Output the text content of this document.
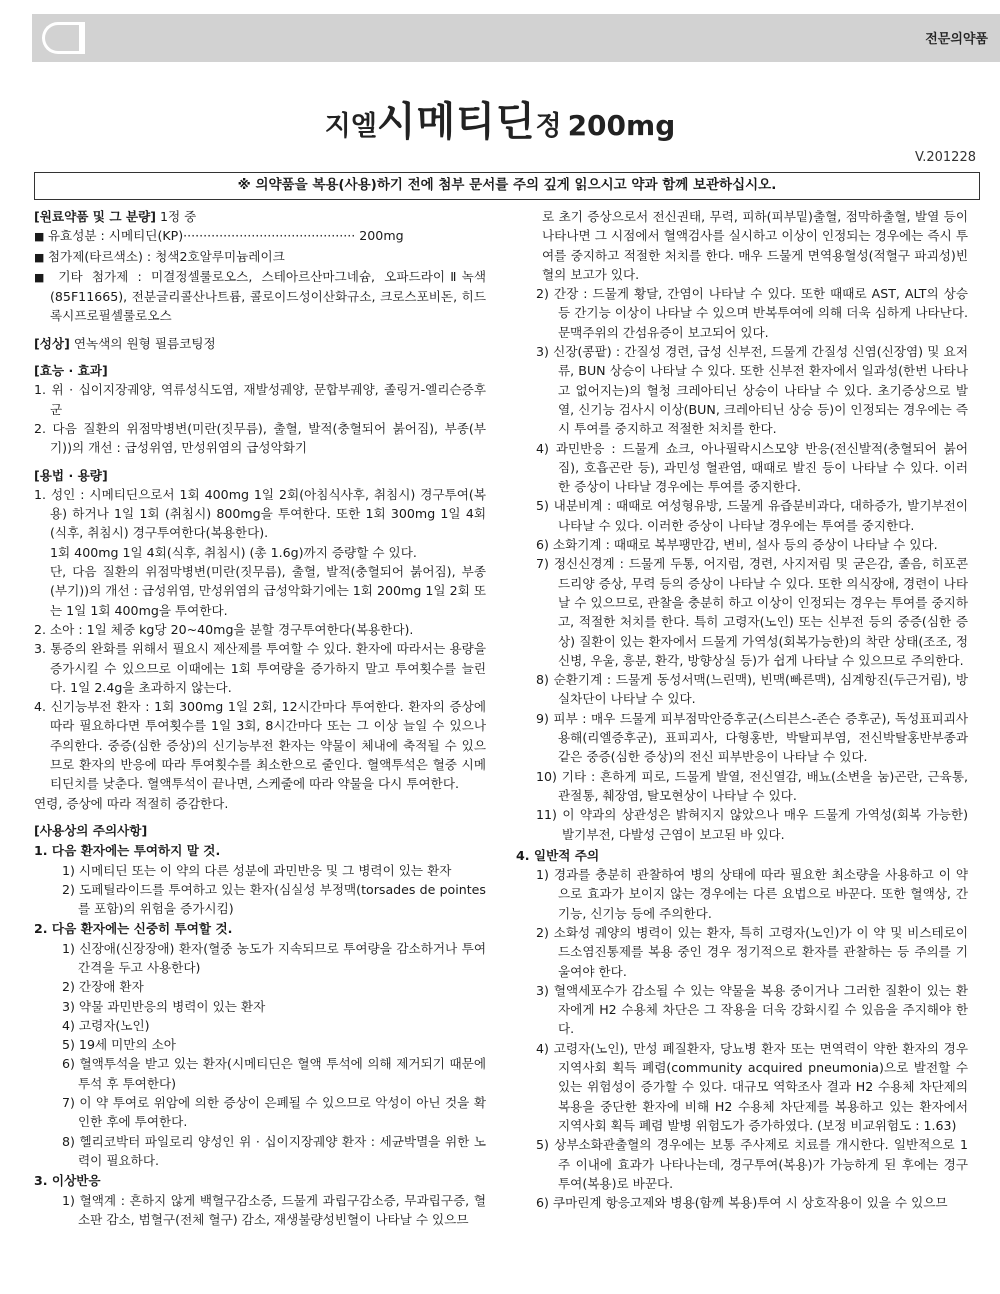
전문의약품
지엘시메티딘정 200mg
V.201228
※ 의약품을 복용(사용)하기 전에 첨부 문서를 주의 깊게 읽으시고 약과 함께 보관하십시오.
[원료약품 및 그 분량] 1정 중
■ 유효성분 : 시메티딘(KP)··········································· 200mg
■ 첨가제(타르색소) : 청색2호알루미늄레이크
■ 기타 첨가제 : 미결정셀룰로오스, 스테아르산마그네슘, 오파드라이Ⅱ녹색(85F11665), 전분글리콜산나트륨, 콜로이드성이산화규소, 크로스포비돈, 히드록시프로필셀룰로오스
[성상] 연녹색의 원형 필름코팅정
[효능 · 효과]
1. 위 · 십이지장궤양, 역류성식도염, 재발성궤양, 문합부궤양, 졸링거-엘리슨증후군
2. 다음 질환의 위점막병변(미란(짓무름), 출혈, 발적(충혈되어 붉어짐), 부종(부기))의 개선 : 급성위염, 만성위염의 급성악화기
[용법 · 용량]
1. 성인 : 시메티딘으로서 1회 400mg 1일 2회(아침식사후, 취침시) 경구투여(복용) 하거나 1일 1회 (취침시) 800mg을 투여한다. 또한 1회 300mg 1일 4회(식후, 취침시) 경구투여한다(복용한다).
1회 400mg 1일 4회(식후, 취침시) (총 1.6g)까지 증량할 수 있다.
단, 다음 질환의 위점막병변(미란(짓무름), 출혈, 발적(충혈되어 붉어짐), 부종(부기))의 개선 : 급성위염, 만성위염의 급성악화기에는 1회 200mg 1일 2회 또는 1일 1회 400mg을 투여한다.
2. 소아 : 1일 체중 kg당 20~40mg을 분할 경구투여한다(복용한다).
3. 통증의 완화를 위해서 필요시 제산제를 투여할 수 있다. 환자에 따라서는 용량을 증가시킬 수 있으므로 이때에는 1회 투여량을 증가하지 말고 투여횟수를 늘린다. 1일 2.4g을 초과하지 않는다.
4. 신기능부전 환자 : 1회 300mg 1일 2회, 12시간마다 투여한다. 환자의 증상에 따라 필요하다면 투여횟수를 1일 3회, 8시간마다 또는 그 이상 늘일 수 있으나 주의한다. 중증(심한 증상)의 신기능부전 환자는 약물이 체내에 축적될 수 있으므로 환자의 반응에 따라 투여횟수를 최소한으로 줄인다. 혈액투석은 혈중 시메티딘치를 낮춘다. 혈액투석이 끝나면, 스케줄에 따라 약물을 다시 투여한다.
연령, 증상에 따라 적절히 증감한다.
[사용상의 주의사항]
1. 다음 환자에는 투여하지 말 것.
1) 시메티딘 또는 이 약의 다른 성분에 과민반응 및 그 병력이 있는 환자
2) 도페틸라이드를 투여하고 있는 환자(심실성 부정맥(torsades de pointes를 포함)의 위험을 증가시킴)
2. 다음 환자에는 신중히 투여할 것.
1) 신장애(신장장애) 환자(혈중 농도가 지속되므로 투여량을 감소하거나 투여간격을 두고 사용한다)
2) 간장애 환자
3) 약물 과민반응의 병력이 있는 환자
4) 고령자(노인)
5) 19세 미만의 소아
6) 혈액투석을 받고 있는 환자(시메티딘은 혈액 투석에 의해 제거되기 때문에 투석 후 투여한다)
7) 이 약 투여로 위암에 의한 증상이 은폐될 수 있으므로 악성이 아닌 것을 확인한 후에 투여한다.
8) 헬리코박터 파일로리 양성인 위 · 십이지장궤양 환자 : 세균박멸을 위한 노력이 필요하다.
3. 이상반응
1) 혈액계 : 흔하지 않게 백혈구감소증, 드물게 과립구감소증, 무과립구증, 혈소판 감소, 범혈구(전체 혈구) 감소, 재생불량성빈혈이 나타날 수 있으므
로 초기 증상으로서 전신권태, 무력, 피하(피부밑)출혈, 점막하출혈, 발열 등이 나타나면 그 시점에서 혈액검사를 실시하고 이상이 인정되는 경우에는 즉시 투여를 중지하고 적절한 처치를 한다. 매우 드물게 면역용혈성(적혈구 파괴성)빈혈의 보고가 있다.
2) 간장 : 드물게 황달, 간염이 나타날 수 있다. 또한 때때로 AST, ALT의 상승 등 간기능 이상이 나타날 수 있으며 반복투여에 의해 더욱 심하게 나타난다. 문맥주위의 간섬유증이 보고되어 있다.
3) 신장(콩팥) : 간질성 경련, 급성 신부전, 드물게 간질성 신염(신장염) 및 요저류, BUN 상승이 나타날 수 있다. 또한 신부전 환자에서 일과성(한번 나타나고 없어지는)의 혈청 크레아티닌 상승이 나타날 수 있다. 초기증상으로 발열, 신기능 검사시 이상(BUN, 크레아티닌 상승 등)이 인정되는 경우에는 즉시 투여를 중지하고 적절한 처치를 한다.
4) 과민반응 : 드물게 쇼크, 아나필락시스모양 반응(전신발적(충혈되어 붉어짐), 호흡곤란 등), 과민성 혈관염, 때때로 발진 등이 나타날 수 있다. 이러한 증상이 나타날 경우에는 투여를 중지한다.
5) 내분비계 : 때때로 여성형유방, 드물게 유즙분비과다, 대하증가, 발기부전이 나타날 수 있다. 이러한 증상이 나타날 경우에는 투여를 중지한다.
6) 소화기계 : 때때로 복부팽만감, 변비, 설사 등의 증상이 나타날 수 있다.
7) 정신신경계 : 드물게 두통, 어지럼, 경련, 사지저림 및 굳은감, 졸음, 히포콘드리양 증상, 무력 등의 증상이 나타날 수 있다. 또한 의식장애, 경련이 나타날 수 있으므로, 관찰을 충분히 하고 이상이 인정되는 경우는 투여를 중지하고, 적절한 처치를 한다. 특히 고령자(노인) 또는 신부전 등의 중증(심한 증상) 질환이 있는 환자에서 드물게 가역성(회복가능한)의 착란 상태(조조, 정신병, 우울, 흥분, 환각, 방향상실 등)가 쉽게 나타날 수 있으므로 주의한다.
8) 순환기계 : 드물게 동성서맥(느린맥), 빈맥(빠른맥), 심계항진(두근거림), 방실차단이 나타날 수 있다.
9) 피부 : 매우 드물게 피부점막안증후군(스티븐스-존슨 증후군), 독성표피괴사용해(리엘증후군), 표피괴사, 다형홍반, 박탈피부염, 전신박탈홍반부종과 같은 중증(심한 증상)의 전신 피부반응이 나타날 수 있다.
10) 기타 : 흔하게 피로, 드물게 발열, 전신열감, 배뇨(소변을 눔)곤란, 근육통, 관절통, 췌장염, 탈모현상이 나타날 수 있다.
11) 이 약과의 상관성은 밝혀지지 않았으나 매우 드물게 가역성(회복 가능한) 발기부전, 다발성 근염이 보고된 바 있다.
4. 일반적 주의
1) 경과를 충분히 관찰하여 병의 상태에 따라 필요한 최소량을 사용하고 이 약으로 효과가 보이지 않는 경우에는 다른 요법으로 바꾼다. 또한 혈액상, 간기능, 신기능 등에 주의한다.
2) 소화성 궤양의 병력이 있는 환자, 특히 고령자(노인)가 이 약 및 비스테로이드소염진통제를 복용 중인 경우 정기적으로 환자를 관찰하는 등 주의를 기울여야 한다.
3) 혈액세포수가 감소될 수 있는 약물을 복용 중이거나 그러한 질환이 있는 환자에게 H2 수용체 차단은 그 작용을 더욱 강화시킬 수 있음을 주지해야 한다.
4) 고령자(노인), 만성 폐질환자, 당뇨병 환자 또는 면역력이 약한 환자의 경우 지역사회 획득 폐렴(community acquired pneumonia)으로 발전할 수 있는 위험성이 증가할 수 있다. 대규모 역학조사 결과 H2 수용체 차단제의 복용을 중단한 환자에 비해 H2 수용체 차단제를 복용하고 있는 환자에서 지역사회 획득 폐렴 발병 위험도가 증가하였다. (보정 비교위험도 : 1.63)
5) 상부소화관출혈의 경우에는 보통 주사제로 치료를 개시한다. 일반적으로 1주 이내에 효과가 나타나는데, 경구투여(복용)가 가능하게 된 후에는 경구투여(복용)로 바꾼다.
6) 쿠마린계 항응고제와 병용(함께 복용)투여 시 상호작용이 있을 수 있으므
